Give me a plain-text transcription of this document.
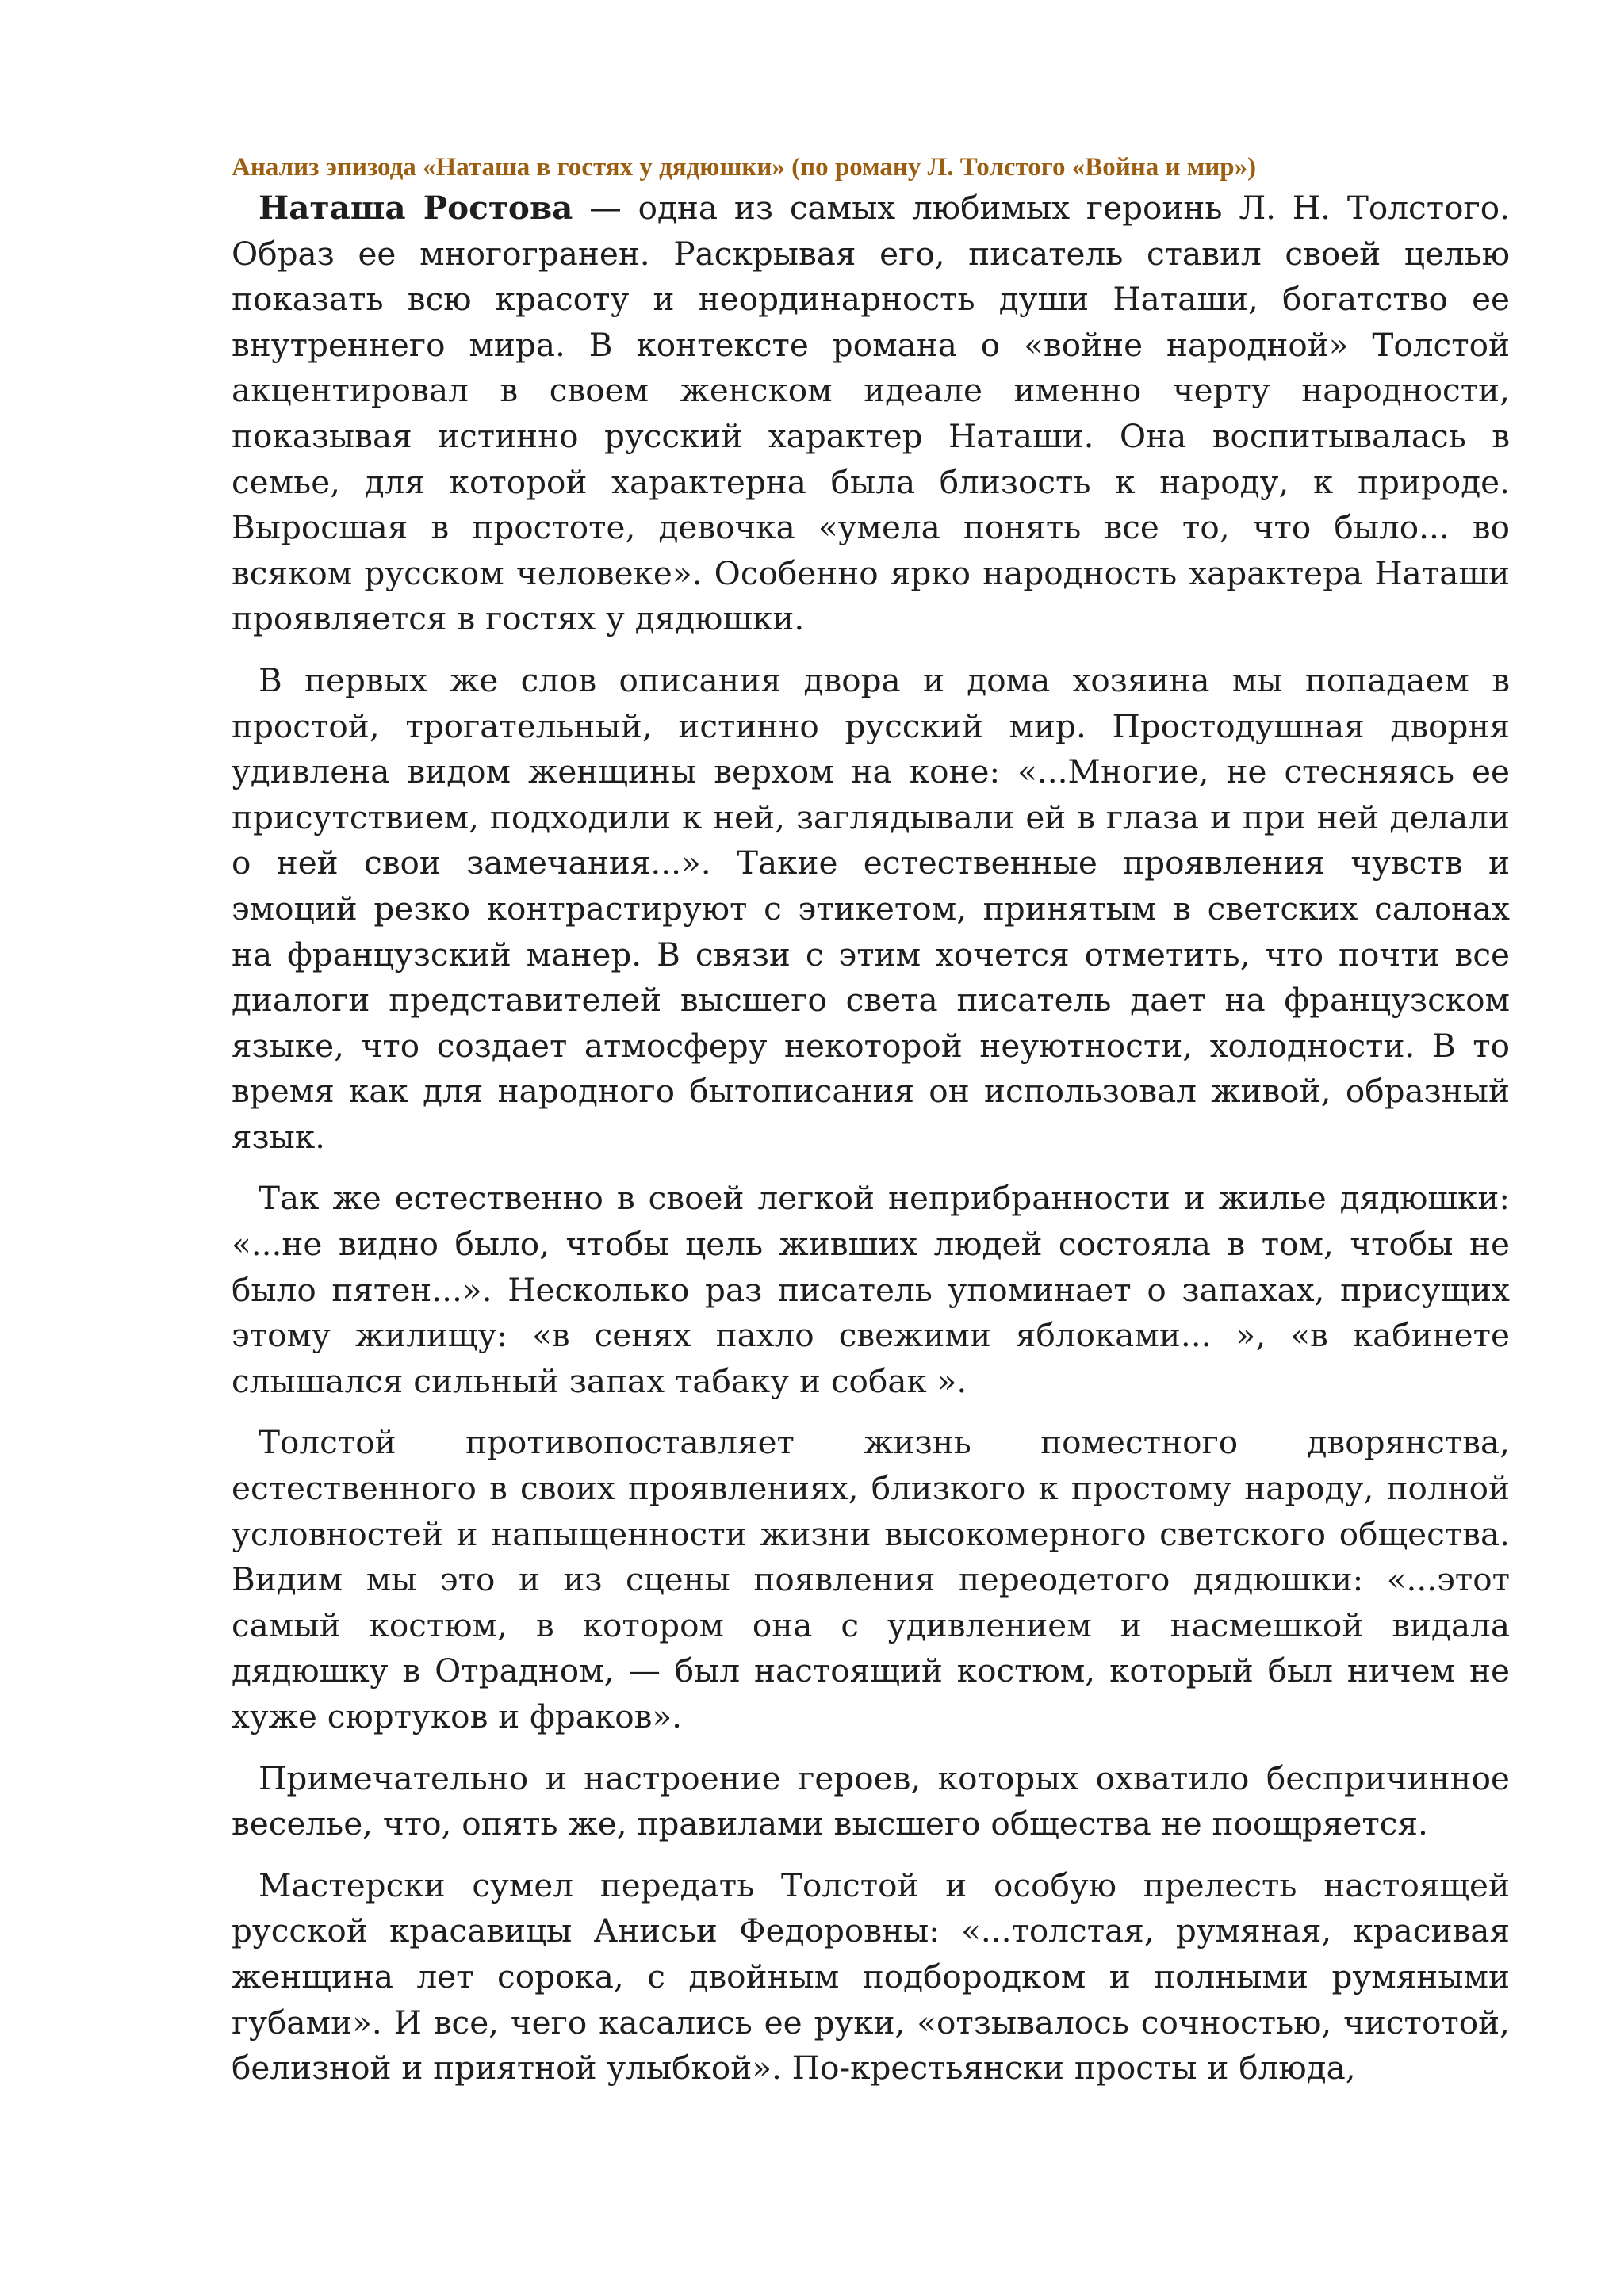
Анализ эпизода «Наташа в гостях у дядюшки» (по роману Л. Толстого «Война и мир»)

Наташа Ростова — одна из самых любимых героинь Л. Н. Толстого. Образ ее многогранен. Раскрывая его, писатель ставил своей целью показать всю красоту и неординарность души Наташи, богатство ее внутреннего мира. В контексте романа о «войне народной» Толстой акцентировал в своем женском идеале именно черту народности, показывая истинно русский характер Наташи. Она воспитывалась в семье, для которой характерна была близость к народу, к природе. Выросшая в простоте, девочка «умела понять все то, что было... во всяком русском человеке». Особенно ярко народность характера Наташи проявляется в гостях у дядюшки.

В первых же слов описания двора и дома хозяина мы попадаем в простой, трогательный, истинно русский мир. Простодушная дворня удивлена видом женщины верхом на коне: «...Многие, не стесняясь ее присутствием, подходили к ней, заглядывали ей в глаза и при ней делали о ней свои замечания...». Такие естественные проявления чувств и эмоций резко контрастируют с этикетом, принятым в светских салонах на французский манер. В связи с этим хочется отметить, что почти все диалоги представителей высшего света писатель дает на французском языке, что создает атмосферу некоторой неуютности, холодности. В то время как для народного бытописания он использовал живой, образный язык.

Так же естественно в своей легкой неприбранности и жилье дядюшки: «...не видно было, чтобы цель живших людей состояла в том, чтобы не было пятен...». Несколько раз писатель упоминает о запахах, присущих этому жилищу: «в сенях пахло свежими яблоками... », «в кабинете слышался сильный запах табаку и собак ».

Толстой противопоставляет жизнь поместного дворянства, естественного в своих проявлениях, близкого к простому народу, полной условностей и напыщенности жизни высокомерного светского общества. Видим мы это и из сцены появления переодетого дядюшки: «...этот самый костюм, в котором она с удивлением и насмешкой видала дядюшку в Отрадном, — был настоящий костюм, который был ничем не хуже сюртуков и фраков».

Примечательно и настроение героев, которых охватило беспричинное веселье, что, опять же, правилами высшего общества не поощряется.

Мастерски сумел передать Толстой и особую прелесть настоящей русской красавицы Анисьи Федоровны: «...толстая, румяная, красивая женщина лет сорока, с двойным подбородком и полными румяными губами». И все, чего касались ее руки, «отзывалось сочностью, чистотой, белизной и приятной улыбкой». По-крестьянски просты и блюда,
